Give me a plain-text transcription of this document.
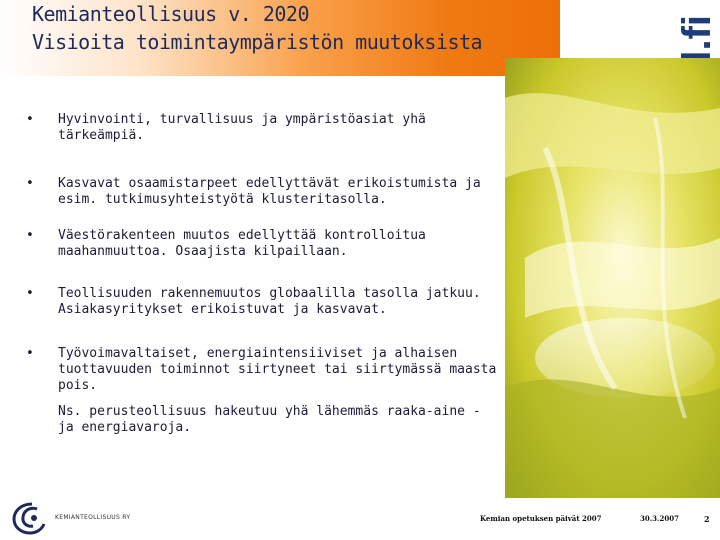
Kemianteollisuus v. 2020
Visioita toimintaympäristön muutoksista
• Hyvinvointi, turvallisuus ja ympäristöasiat yhä tärkeämpiä.
• Kasvavat osaamistarpeet edellyttävät erikoistumista ja esim. tutkimusyhteistyötä klusteritasolla.
• Väestörakenteen muutos edellyttää kontrolloitua maahanmuuttoa. Osaajista kilpaillaan.
• Teollisuuden rakennemuutos globaalilla tasolla jatkuu. Asiakasyritykset erikoistuvat ja kasvavat.
• Työvoimavaltaiset, energiaintensiiviset ja alhaisen tuottavuuden toiminnot siirtyneet tai siirtymässä maasta pois.
Ns. perusteollisuus hakeutuu yhä lähemmäs raaka-aine - ja energiavaroja.
KEMIANTEOLLISUUS RY	Kemian opetuksen päivät 2007	30.3.2007	2
